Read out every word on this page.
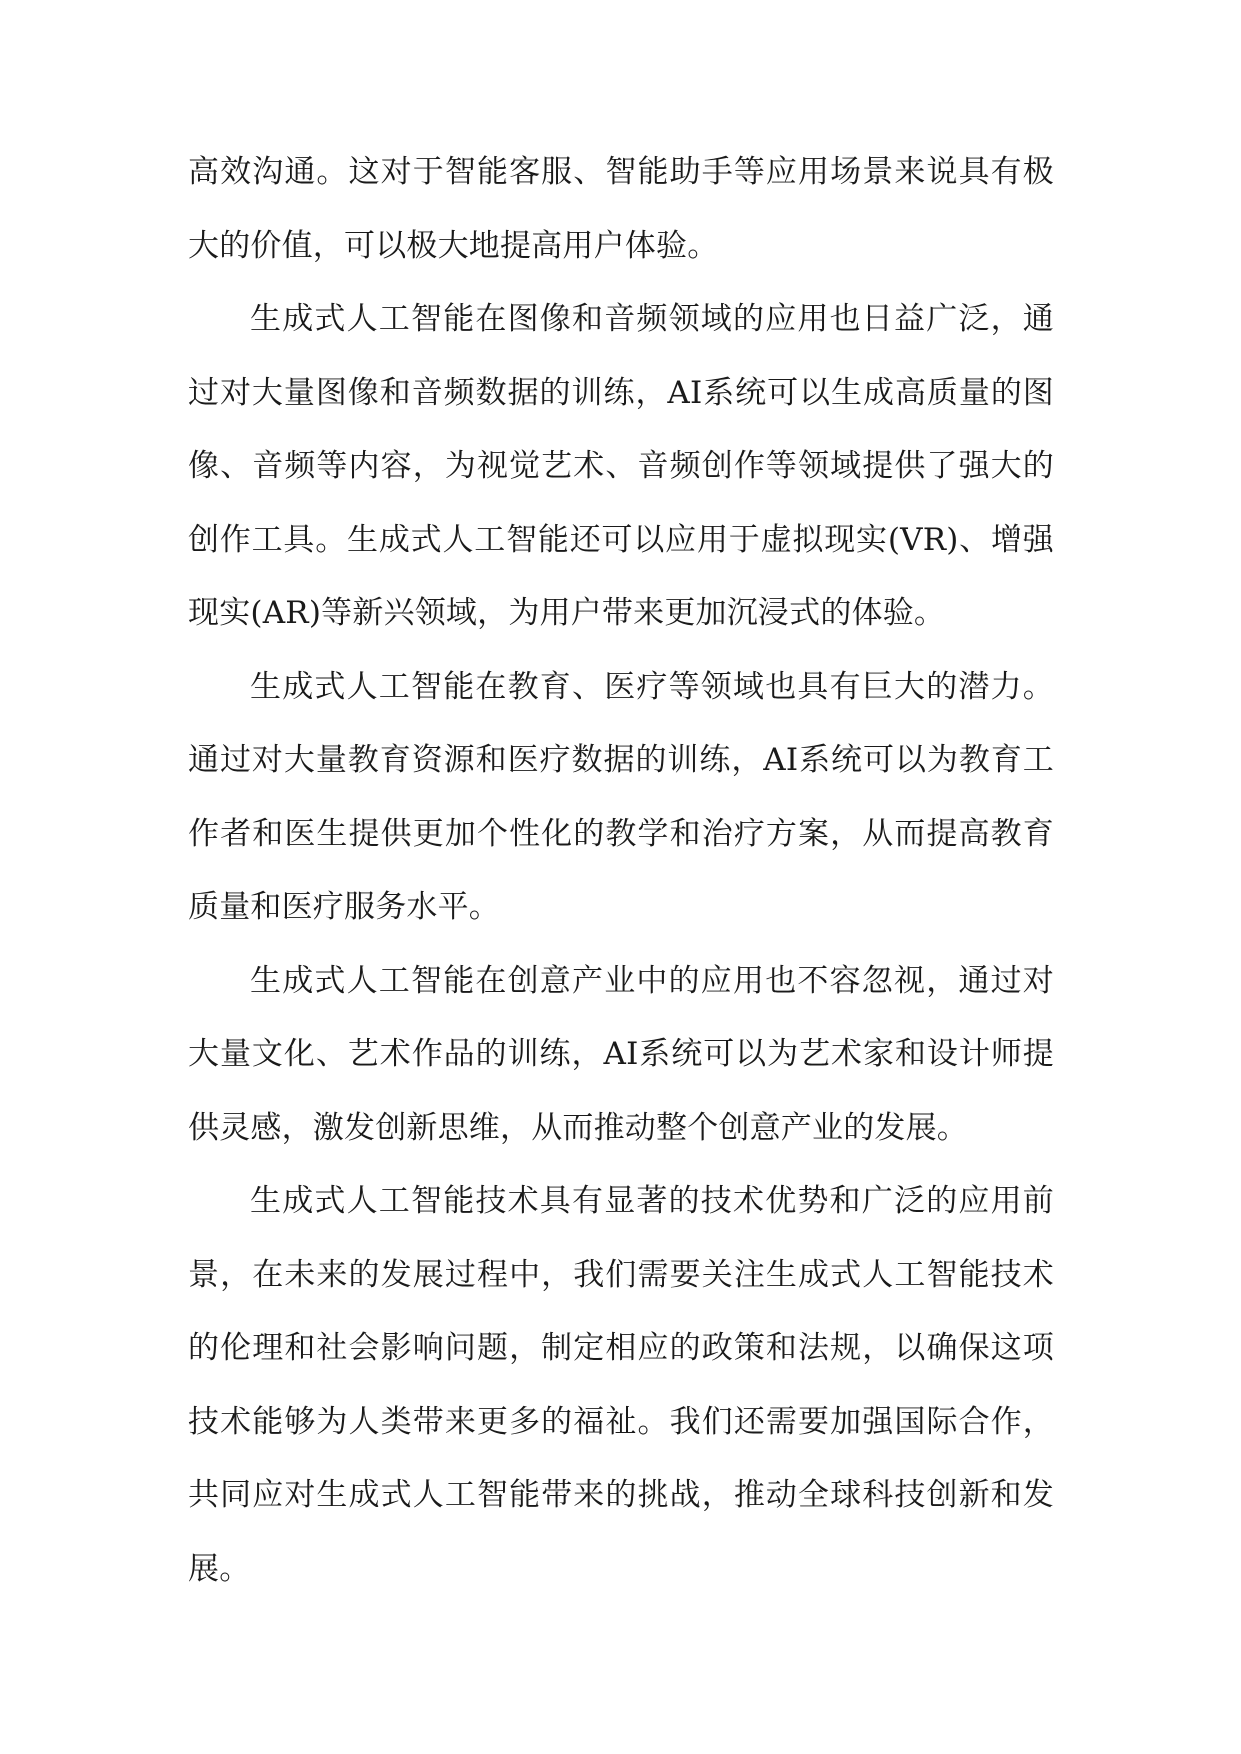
高效沟通。这对于智能客服、智能助手等应用场景来说具有极大的价值，可以极大地提高用户体验。

生成式人工智能在图像和音频领域的应用也日益广泛，通过对大量图像和音频数据的训练，AI系统可以生成高质量的图像、音频等内容，为视觉艺术、音频创作等领域提供了强大的创作工具。生成式人工智能还可以应用于虚拟现实(VR)、增强现实(AR)等新兴领域，为用户带来更加沉浸式的体验。

生成式人工智能在教育、医疗等领域也具有巨大的潜力。通过对大量教育资源和医疗数据的训练，AI系统可以为教育工作者和医生提供更加个性化的教学和治疗方案，从而提高教育质量和医疗服务水平。

生成式人工智能在创意产业中的应用也不容忽视，通过对大量文化、艺术作品的训练，AI系统可以为艺术家和设计师提供灵感，激发创新思维，从而推动整个创意产业的发展。

生成式人工智能技术具有显著的技术优势和广泛的应用前景，在未来的发展过程中，我们需要关注生成式人工智能技术的伦理和社会影响问题，制定相应的政策和法规，以确保这项技术能够为人类带来更多的福祉。我们还需要加强国际合作，共同应对生成式人工智能带来的挑战，推动全球科技创新和发展。
